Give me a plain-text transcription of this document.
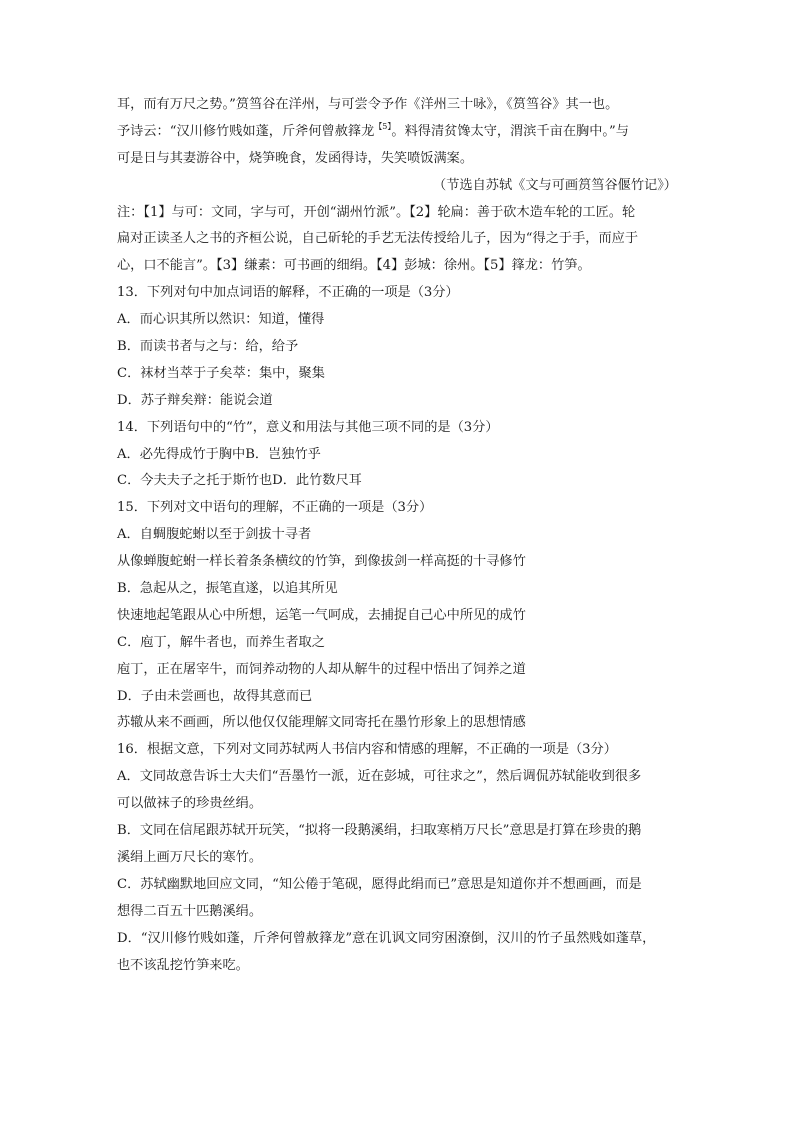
耳，而有万尺之势。”筼筜谷在洋州，与可尝令予作《洋州三十咏》，《筼筜谷》其一也。
予诗云：“汉川修竹贱如蓬，斤斧何曾赦箨龙$^{【5】}$。料得清贫馋太守，渭滨千亩在胸中。”与
可是日与其妻游谷中，烧笋晚食，发函得诗，失笑喷饭满案。
（节选自苏轼《文与可画筼筜谷偃竹记》）
注：【1】与可：文同，字与可，开创“湖州竹派”。【2】轮扁：善于砍木造车轮的工匠。轮
扁对正读圣人之书的齐桓公说，自己斫轮的手艺无法传授给儿子，因为“得之于手，而应于
心，口不能言”。【3】缣素：可书画的细绢。【4】彭城：徐州。【5】箨龙：竹笋。
13．下列对句中加点词语的解释，不正确的一项是（3分）
A．而心识其所以然识：知道，懂得
B．而读书者与之与：给，给予
C．袜材当萃于子矣萃：集中，聚集
D．苏子辩矣辩：能说会道
14．下列语句中的“竹”，意义和用法与其他三项不同的是（3分）
A．必先得成竹于胸中B．岂独竹乎
C．今夫夫子之托于斯竹也D．此竹数尺耳
15．下列对文中语句的理解，不正确的一项是（3分）
A．自蜩腹蛇蚹以至于剑拔十寻者
从像蝉腹蛇蚹一样长着条条横纹的竹笋，到像拔剑一样高挺的十寻修竹
B．急起从之，振笔直遂，以追其所见
快速地起笔跟从心中所想，运笔一气呵成，去捕捉自己心中所见的成竹
C．庖丁，解牛者也，而养生者取之
庖丁，正在屠宰牛，而饲养动物的人却从解牛的过程中悟出了饲养之道
D．子由未尝画也，故得其意而已
苏辙从来不画画，所以他仅仅能理解文同寄托在墨竹形象上的思想情感
16．根据文意，下列对文同苏轼两人书信内容和情感的理解，不正确的一项是（3分）
A．文同故意告诉士大夫们“吾墨竹一派，近在彭城，可往求之”，然后调侃苏轼能收到很多
可以做袜子的珍贵丝绢。
B．文同在信尾跟苏轼开玩笑，“拟将一段鹅溪绢，扫取寒梢万尺长”意思是打算在珍贵的鹅
溪绢上画万尺长的寒竹。
C．苏轼幽默地回应文同，“知公倦于笔砚，愿得此绢而已”意思是知道你并不想画画，而是
想得二百五十匹鹅溪绢。
D．“汉川修竹贱如蓬，斤斧何曾赦箨龙”意在讥讽文同穷困潦倒，汉川的竹子虽然贱如蓬草，
也不该乱挖竹笋来吃。
